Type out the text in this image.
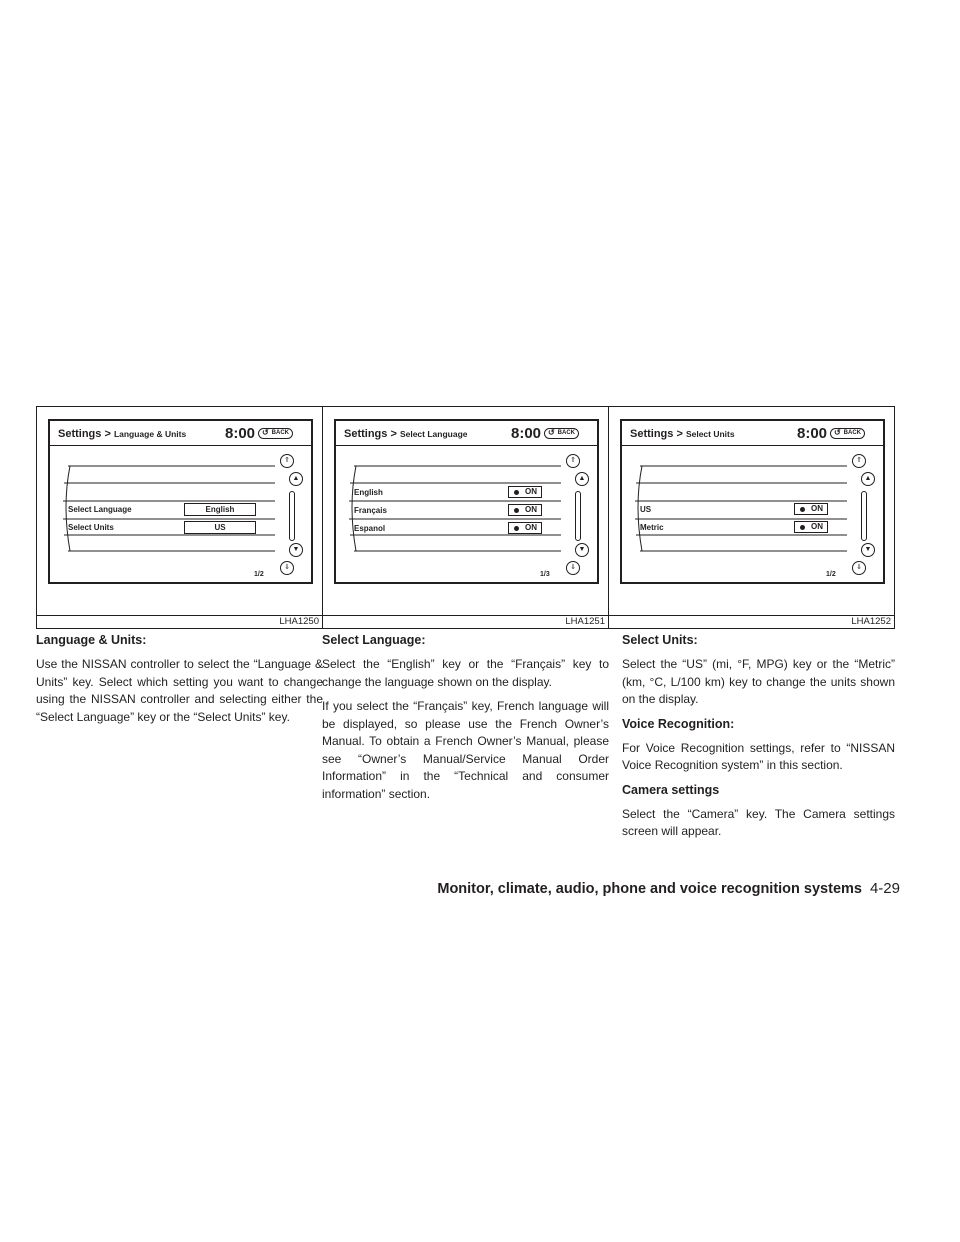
Settings > Language & Units	8:00	↺ BACK
Select Language	English
Select Units	US
⇑
▲
▼
⇓
1/2
LHA1250
Settings > Select Language	8:00	↺ BACK
English	ON
Français	ON
Espanol	ON
⇑
▲
▼
⇓
1/3
LHA1251
Settings > Select Units	8:00	↺ BACK
US	ON
Metric	ON
⇑
▲
▼
⇓
1/2
LHA1252
Language & Units:

Use the NISSAN controller to select the “Language & Units” key. Select which setting you want to change using the NISSAN controller and selecting either the “Select Language” key or the “Select Units” key.

Select Language:

Select the “English” key or the “Français” key to change the language shown on the display.

If you select the “Français” key, French language will be displayed, so please use the French Owner’s Manual. To obtain a French Owner’s Manual, please see “Owner’s Manual/Service Manual Order Information” in the “Technical and consumer information” section.

Select Units:

Select the “US” (mi, °F, MPG) key or the “Metric” (km, °C, L/100 km) key to change the units shown on the display.

Voice Recognition:

For Voice Recognition settings, refer to “NISSAN Voice Recognition system” in this section.

Camera settings

Select the “Camera” key. The Camera settings screen will appear.

Monitor, climate, audio, phone and voice recognition systems 4-29
